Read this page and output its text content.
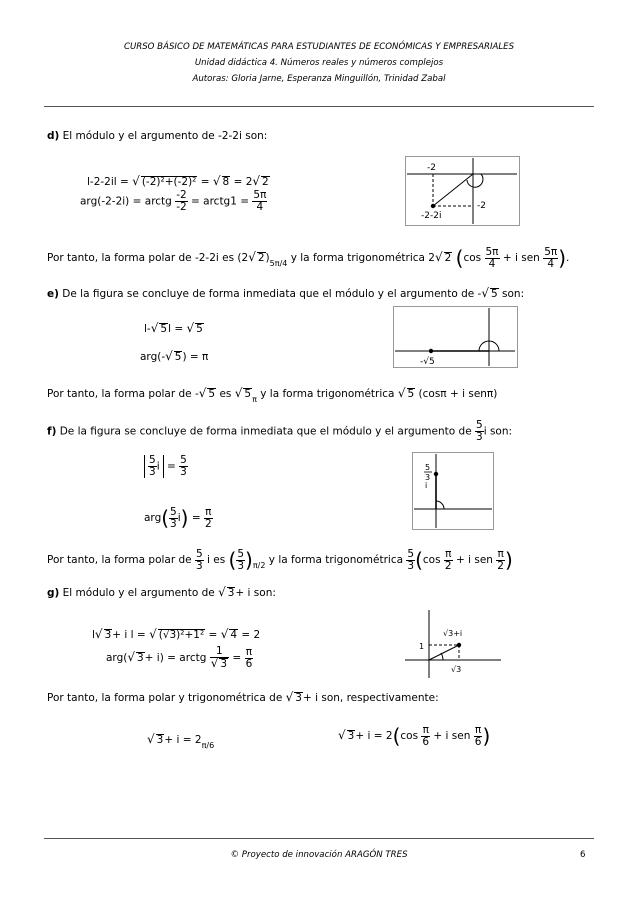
CURSO BÁSICO DE MATEMÁTICAS PARA ESTUDIANTES DE ECONÓMICAS Y EMPRESARIALES
Unidad didáctica 4. Números reales y números complejos
Autoras: Gloria Jarne, Esperanza Minguillón, Trinidad Zabal
d) El módulo y el argumento de -2-2i son:
l-2-2il = √ (-2)²+(-2)² = √ 8 = 2√ 2
arg(-2-2i) = arctg $\frac{-2}{-2}$ = arctg1 = $\frac{5\pi}{4}$
-2
-2
-2-2i
Por tanto, la forma polar de -2-2i es (2√ $2)_{5\pi/4}$ y la forma trigonométrica 2√ 2 ($\cos \frac{5\pi}{4} + i$ sen $\frac{5\pi}{4}$ ).
e) De la figura se concluye de forma inmediata que el módulo y el argumento de -√ 5 son:
l-√ 5l = √ 5
arg(-√ 5) = π	-√5
Por tanto, la forma polar de -√ 5 es √ $5_\pi$ y la forma trigonométrica √ 5 (cosπ + i senπ)
f) De la figura se concluye de forma inmediata que el módulo y el argumento de $\frac{5}{3}$ i son:
$\frac{5}{3}$ $i = \frac{5}{3}$
$arg( \frac{5}{3} i) = \frac{\pi}{2}$
5
3
i
Por tanto, la forma polar de $\frac{5}{3}$ i es ( $\frac{5}{3} )_{\pi/2}$ y la forma trigonométrica $\frac{5}{3} (\cos \frac{\pi}{2} + i$ sen $\frac{\pi}{2}$ )
g) El módulo y el argumento de √ 3+ i son:
l√ 3+ i l = √ (√3)²+1² = √ 4 = 2
arg(√ 3+ i) = arctg $\frac{1}{√ 3} = \frac{\pi}{6}$
√3+i
1
√3
Por tanto, la forma polar y trigonométrica de √ 3+ i son, respectivamente:
√ $3+ i = 2_{\pi/6}$
√ $3+ i = 2(\cos \frac{\pi}{6} + i$ sen $\frac{\pi}{6}$ )
© Proyecto de innovación ARAGÓN TRES	6
